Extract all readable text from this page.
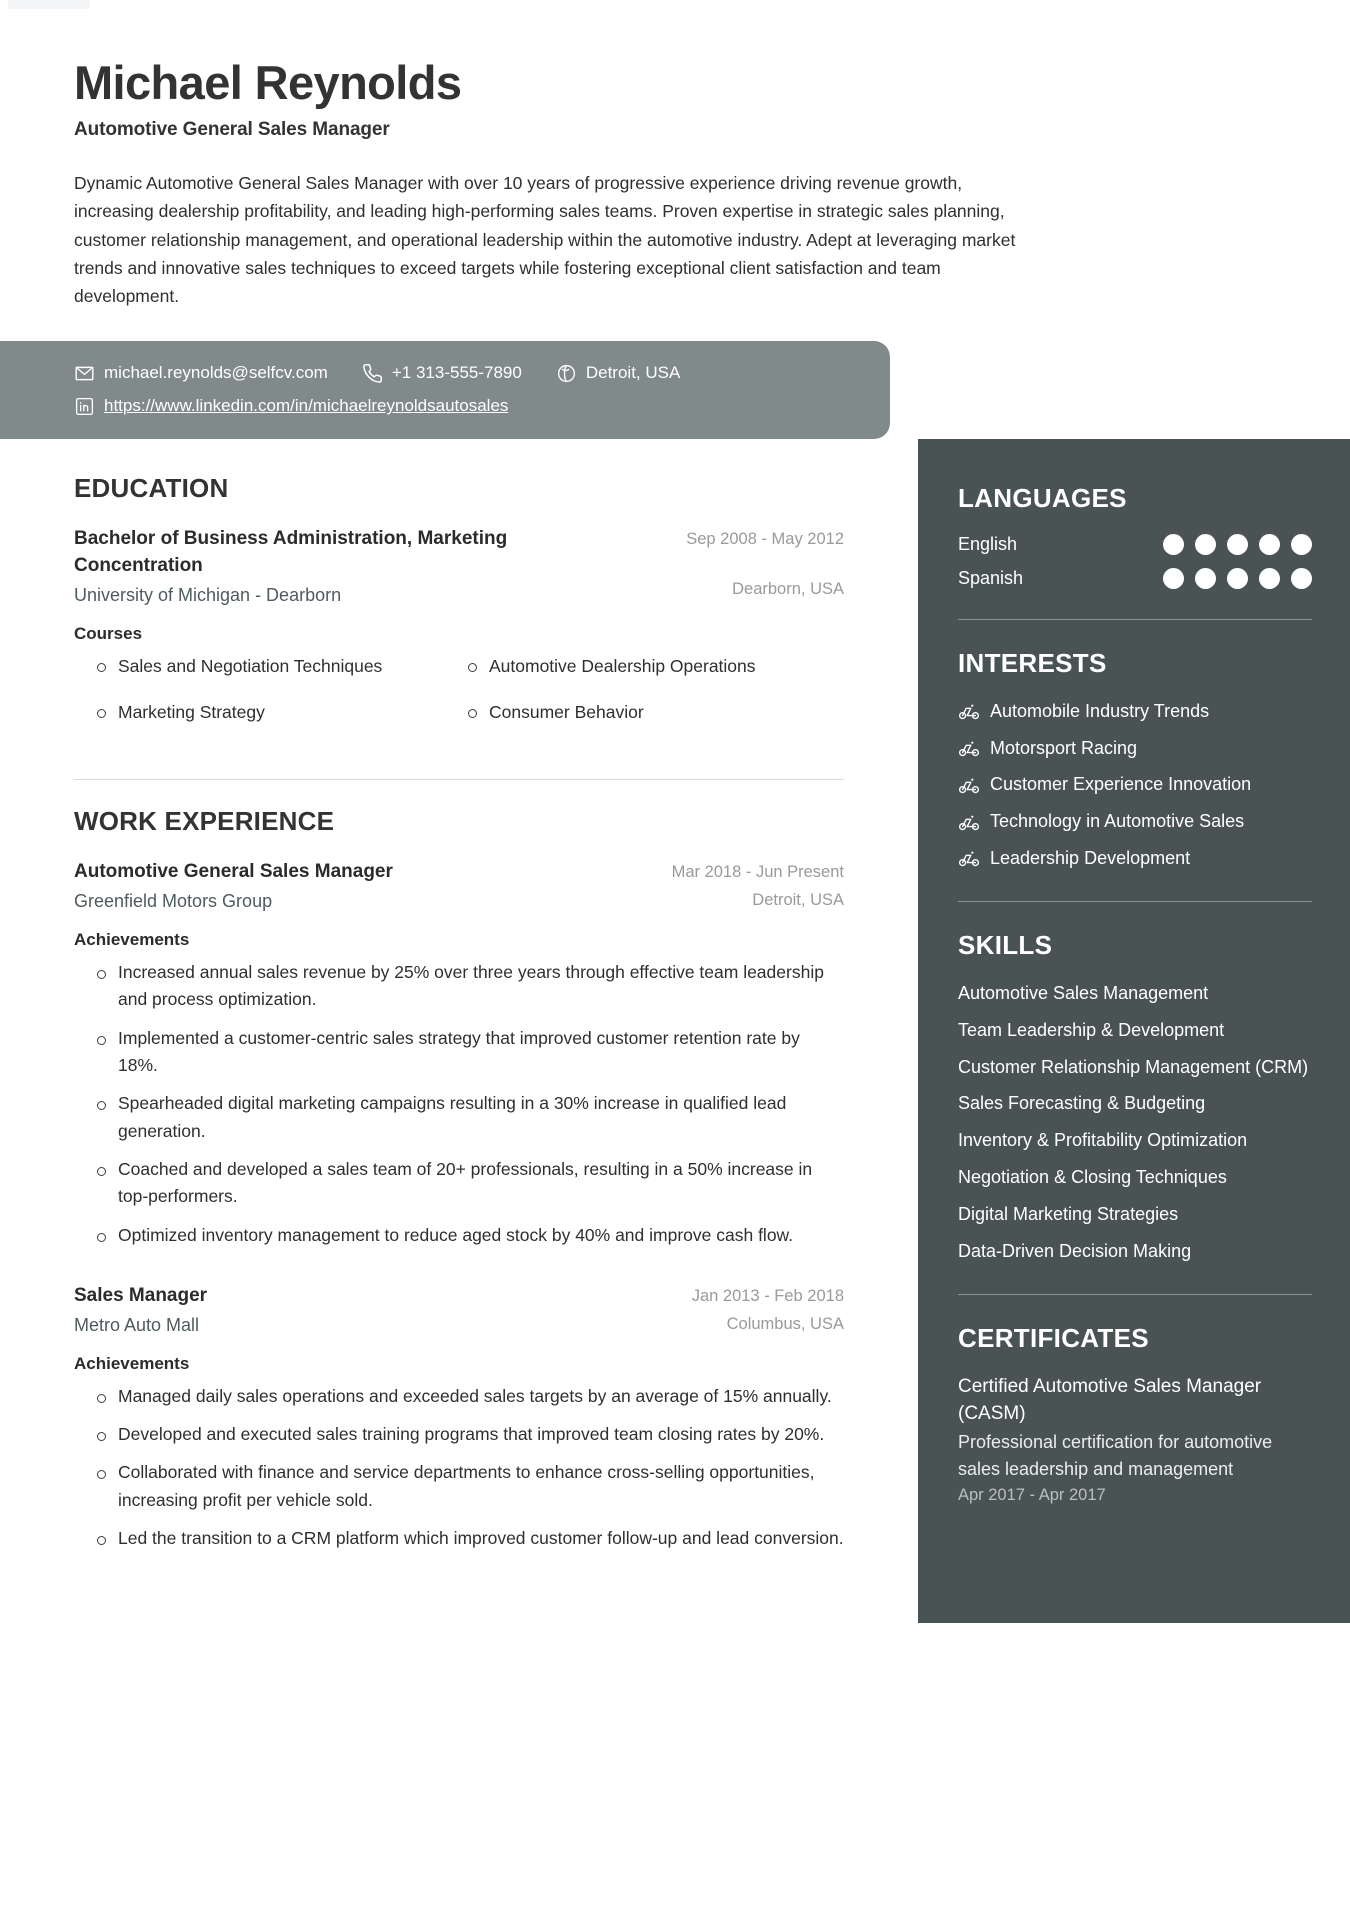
Michael Reynolds
Automotive General Sales Manager
Dynamic Automotive General Sales Manager with over 10 years of progressive experience driving revenue growth, increasing dealership profitability, and leading high-performing sales teams. Proven expertise in strategic sales planning, customer relationship management, and operational leadership within the automotive industry. Adept at leveraging market trends and innovative sales techniques to exceed targets while fostering exceptional client satisfaction and team development.
michael.reynolds@selfcv.com	+1 313-555-7890	Detroit, USA
https://www.linkedin.com/in/michaelreynoldsautosales
EDUCATION
Bachelor of Business Administration, Marketing Concentration
University of Michigan - Dearborn
Sep 2008 - May 2012
Dearborn, USA
Courses
Sales and Negotiation Techniques	Automotive Dealership Operations
Marketing Strategy	Consumer Behavior
WORK EXPERIENCE
Automotive General Sales Manager
Greenfield Motors Group
Mar 2018 - Jun Present
Detroit, USA
Achievements
Increased annual sales revenue by 25% over three years through effective team leadership and process optimization.
Implemented a customer-centric sales strategy that improved customer retention rate by 18%.
Spearheaded digital marketing campaigns resulting in a 30% increase in qualified lead generation.
Coached and developed a sales team of 20+ professionals, resulting in a 50% increase in top-performers.
Optimized inventory management to reduce aged stock by 40% and improve cash flow.
Sales Manager
Metro Auto Mall
Jan 2013 - Feb 2018
Columbus, USA
Achievements
Managed daily sales operations and exceeded sales targets by an average of 15% annually.
Developed and executed sales training programs that improved team closing rates by 20%.
Collaborated with finance and service departments to enhance cross-selling opportunities, increasing profit per vehicle sold.
Led the transition to a CRM platform which improved customer follow-up and lead conversion.
LANGUAGES
English
Spanish
INTERESTS
Automobile Industry Trends
Motorsport Racing
Customer Experience Innovation
Technology in Automotive Sales
Leadership Development
SKILLS
Automotive Sales Management
Team Leadership & Development
Customer Relationship Management (CRM)
Sales Forecasting & Budgeting
Inventory & Profitability Optimization
Negotiation & Closing Techniques
Digital Marketing Strategies
Data-Driven Decision Making
CERTIFICATES
Certified Automotive Sales Manager (CASM)
Professional certification for automotive sales leadership and management
Apr 2017 - Apr 2017
